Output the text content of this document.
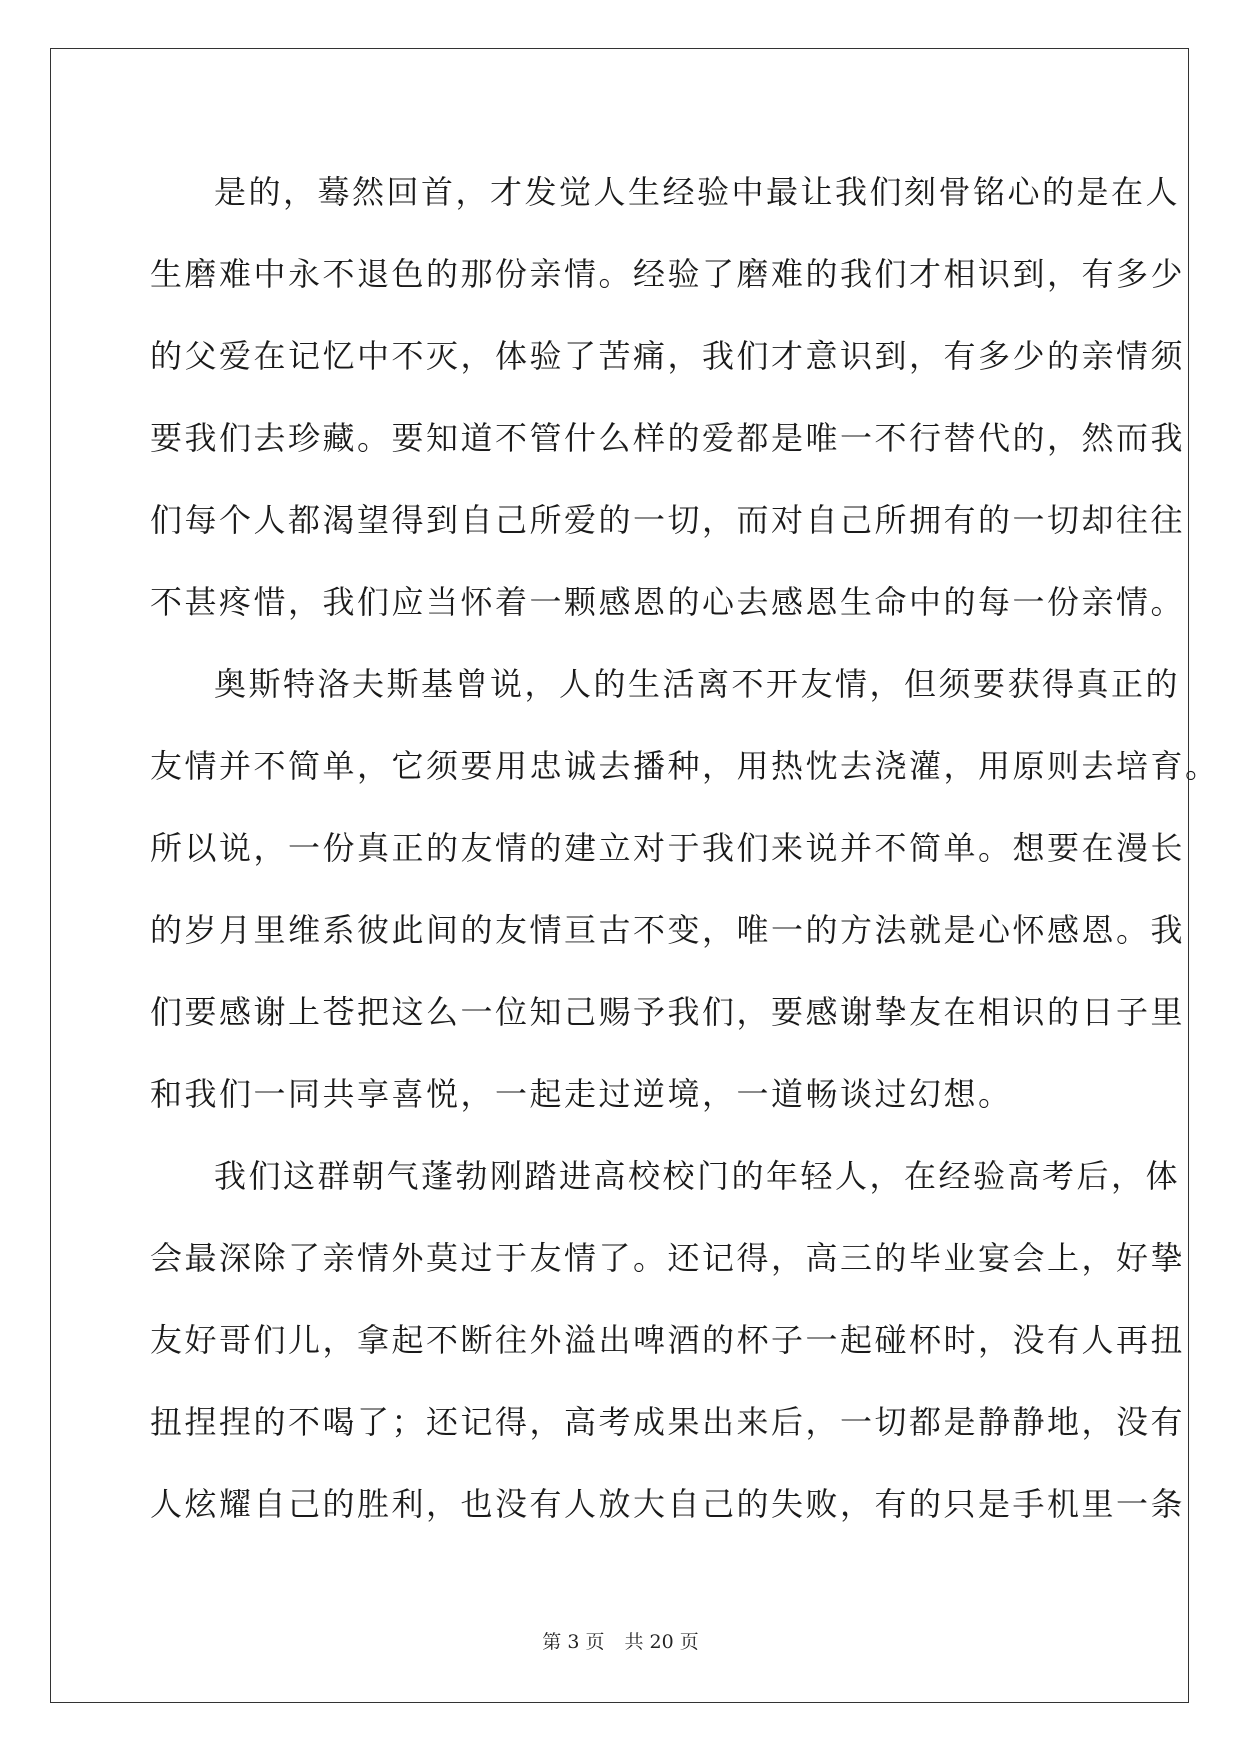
是的，蓦然回首，才发觉人生经验中最让我们刻骨铭心的是在人
生磨难中永不退色的那份亲情。经验了磨难的我们才相识到，有多少
的父爱在记忆中不灭，体验了苦痛，我们才意识到，有多少的亲情须
要我们去珍藏。要知道不管什么样的爱都是唯一不行替代的，然而我
们每个人都渴望得到自己所爱的一切，而对自己所拥有的一切却往往
不甚疼惜，我们应当怀着一颗感恩的心去感恩生命中的每一份亲情。
奥斯特洛夫斯基曾说，人的生活离不开友情，但须要获得真正的
友情并不简单，它须要用忠诚去播种，用热忱去浇灌，用原则去培育。
所以说，一份真正的友情的建立对于我们来说并不简单。想要在漫长
的岁月里维系彼此间的友情亘古不变，唯一的方法就是心怀感恩。我
们要感谢上苍把这么一位知己赐予我们，要感谢挚友在相识的日子里
和我们一同共享喜悦，一起走过逆境，一道畅谈过幻想。
我们这群朝气蓬勃刚踏进高校校门的年轻人，在经验高考后，体
会最深除了亲情外莫过于友情了。还记得，高三的毕业宴会上，好挚
友好哥们儿，拿起不断往外溢出啤酒的杯子一起碰杯时，没有人再扭
扭捏捏的不喝了；还记得，高考成果出来后，一切都是静静地，没有
人炫耀自己的胜利，也没有人放大自己的失败，有的只是手机里一条
第 3 页 共 20 页
